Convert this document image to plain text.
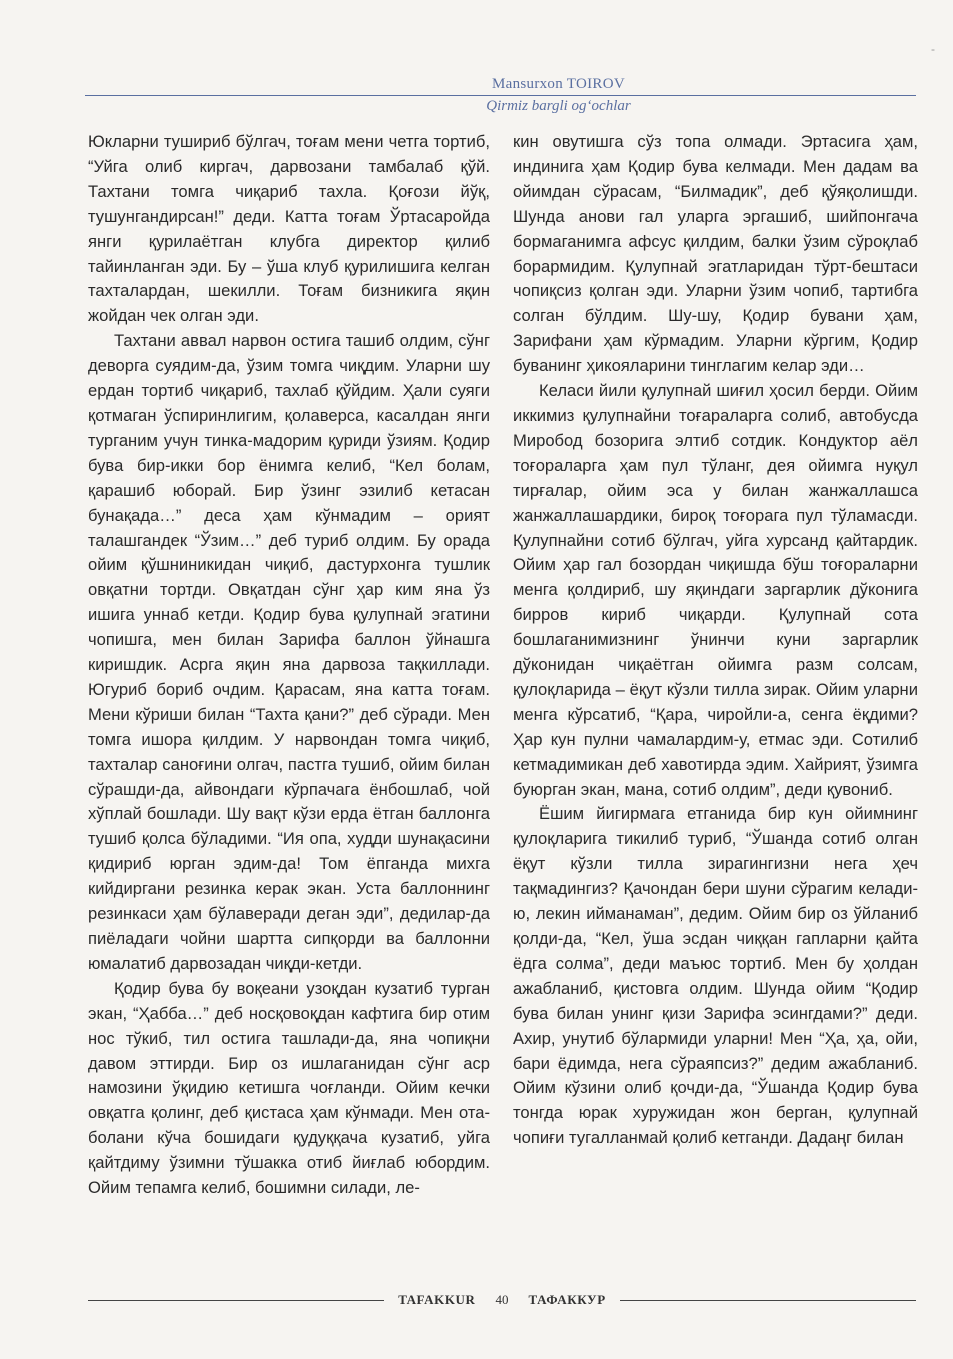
-
Mansurxon TOIROV
Qirmiz bargli og‘ochlar

Юкларни тушириб бўлгач, тоғам мени четга тортиб, “Уйга олиб киргач, дарвозани тамбалаб қўй. Тахтани томга чиқариб тахла. Қоғози йўқ, тушунгандирсан!” деди. Катта тоғам Ўртасаройда янги қурилаётган клубга директор қилиб тайинланган эди. Бу – ўша клуб қурилишига келган тахталардан, шекилли. Тоғам бизникига яқин жойдан чек олган эди.

Тахтани аввал нарвон остига ташиб олдим, сўнг деворга суядим-да, ўзим томга чиқдим. Уларни шу ердан тортиб чиқариб, тахлаб қўйдим. Ҳали суяги қотмаган ўспиринлигим, қолаверса, касалдан янги турганим учун тинка-мадорим қуриди ўзиям. Қодир бува бир-икки бор ёнимга келиб, “Кел болам, қарашиб юборай. Бир ўзинг эзилиб кетасан бунақада…” деса ҳам кўнмадим – орият талашгандек “Ўзим…” деб туриб олдим. Бу орада ойим қўшниникидан чиқиб, дастурхонга тушлик овқатни тортди. Овқатдан сўнг ҳар ким яна ўз ишига уннаб кетди. Қодир бува қулупнай эгатини чопишга, мен билан Зарифа баллон ўйнашга киришдик. Асрга яқин яна дарвоза тақкиллади. Югуриб бориб очдим. Қарасам, яна катта тоғам. Мени кўриши билан “Тахта қани?” деб сўради. Мен томга ишора қилдим. У нарвондан томга чиқиб, тахталар саноғини олгач, пастга тушиб, ойим билан сўрашди-да, айвондаги кўрпачага ёнбошлаб, чой хўплай бошлади. Шу вақт кўзи ерда ётган баллонга тушиб қолса бўладими. “Ия опа, худди шунақасини қидириб юрган эдим-да! Том ёпганда михга кийдиргани резинка керак экан. Уста баллоннинг резинкаси ҳам бўлаверади деган эди”, дедилар-да пиёладаги чойни шартта сипқорди ва баллонни юмалатиб дарвозадан чиқди-кетди.

Қодир бува бу воқеани узоқдан кузатиб турган экан, “Ҳабба…” деб носқовоқдан кафтига бир отим нос тўкиб, тил остига ташлади-да, яна чопиқни давом эттирди. Бир оз ишлаганидан сўнг аср намозини ўқидию кетишга чоғланди. Ойим кечки овқатга қолинг, деб қистаса ҳам кўнмади. Мен ота-болани кўча бошидаги қудуққача кузатиб, уйга қайтдиму ўзимни тўшакка отиб йиғлаб юбордим. Ойим тепамга келиб, бошимни силади, ле-

кин овутишга сўз топа олмади. Эртасига ҳам, индинига ҳам Қодир бува келмади. Мен дадам ва ойимдан сўрасам, “Билмадик”, деб қўяқолишди. Шунда анови гал уларга эргашиб, шийпонгача бормаганимга афсус қилдим, балки ўзим сўроқлаб борармидим. Қулупнай эгатларидан тўрт-бештаси чопиқсиз қолган эди. Уларни ўзим чопиб, тартибга солган бўлдим. Шу-шу, Қодир бувани ҳам, Зарифани ҳам кўрмадим. Уларни кўргим, Қодир буванинг ҳикояларини тинглагим келар эди…

Келаси йили қулупнай шиғил ҳосил берди. Ойим иккимиз қулупнайни тоғараларга солиб, автобусда Миробод бозорига элтиб сотдик. Кондуктор аёл тоғораларга ҳам пул тўланг, дея ойимга нуқул тирғалар, ойим эса у билан жанжаллашса жанжаллашардики, бироқ тоғорага пул тўламасди. Қулупнайни сотиб бўлгач, уйга хурсанд қайтардик. Ойим ҳар гал бозордан чиқишда бўш тоғораларни менга қолдириб, шу яқиндаги заргарлик дўконига бирров кириб чиқарди. Қулупнай сота бошлаганимизнинг ўнинчи куни заргарлик дўконидан чиқаётган ойимга разм солсам, қулоқларида – ёқут кўзли тилла зирак. Ойим уларни менга кўрсатиб, “Қара, чиройли-а, сенга ёқдими? Ҳар кун пулни чамалардим-у, етмас эди. Сотилиб кетмадимикан деб хавотирда эдим. Хайрият, ўзимга буюрган экан, мана, сотиб олдим”, деди қувониб.

Ёшим йигирмага етганида бир кун ойимнинг қулоқларига тикилиб туриб, “Ўшанда сотиб олган ёқут кўзли тилла зирагингизни нега ҳеч тақмадингиз? Қачондан бери шуни сўрагим келади-ю, лекин ийманаман”, дедим. Ойим бир оз ўйланиб қолди-да, “Кел, ўша эсдан чиққан гапларни қайта ёдга солма”, деди маъюс тортиб. Мен бу ҳолдан ажабланиб, қистовга олдим. Шунда ойим “Қодир бува билан унинг қизи Зарифа эсингдами?” деди. Ахир, унутиб бўлармиди уларни! Мен “Ҳа, ҳа, ойи, бари ёдимда, нега сўраяпсиз?” дедим ажабланиб. Ойим кўзини олиб қочди-да, “Ўшанда Қодир бува тонгда юрак хуружидан жон берган, қулупнай чопиғи тугалланмай қолиб кетганди. Дадаңг билан

TAFAKKUR 40 ТАФАККУР
